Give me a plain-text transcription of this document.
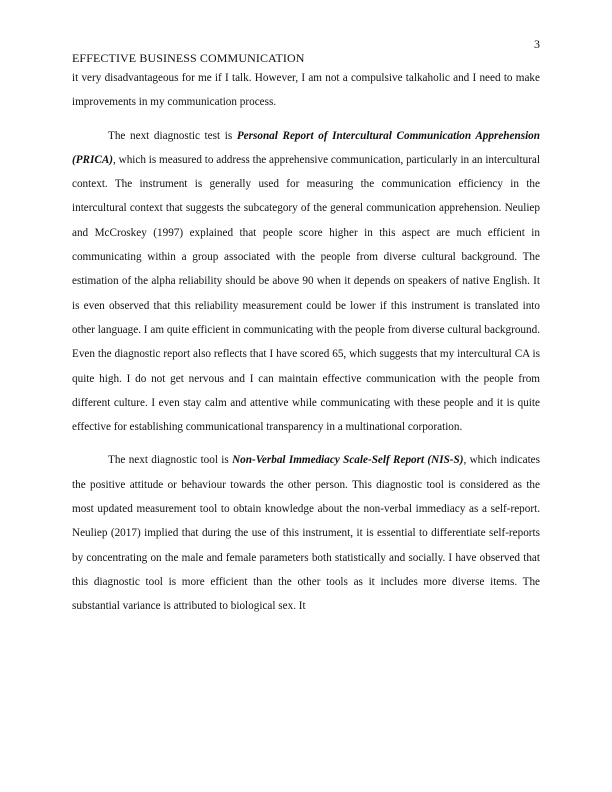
3
EFFECTIVE BUSINESS COMMUNICATION

it very disadvantageous for me if I talk. However, I am not a compulsive talkaholic and I need to make improvements in my communication process.

The next diagnostic test is Personal Report of Intercultural Communication Apprehension (PRICA), which is measured to address the apprehensive communication, particularly in an intercultural context. The instrument is generally used for measuring the communication efficiency in the intercultural context that suggests the subcategory of the general communication apprehension. Neuliep and McCroskey (1997) explained that people score higher in this aspect are much efficient in communicating within a group associated with the people from diverse cultural background. The estimation of the alpha reliability should be above 90 when it depends on speakers of native English. It is even observed that this reliability measurement could be lower if this instrument is translated into other language. I am quite efficient in communicating with the people from diverse cultural background. Even the diagnostic report also reflects that I have scored 65, which suggests that my intercultural CA is quite high. I do not get nervous and I can maintain effective communication with the people from different culture. I even stay calm and attentive while communicating with these people and it is quite effective for establishing communicational transparency in a multinational corporation.

The next diagnostic tool is Non-Verbal Immediacy Scale-Self Report (NIS-S), which indicates the positive attitude or behaviour towards the other person. This diagnostic tool is considered as the most updated measurement tool to obtain knowledge about the non-verbal immediacy as a self-report. Neuliep (2017) implied that during the use of this instrument, it is essential to differentiate self-reports by concentrating on the male and female parameters both statistically and socially. I have observed that this diagnostic tool is more efficient than the other tools as it includes more diverse items. The substantial variance is attributed to biological sex. It
